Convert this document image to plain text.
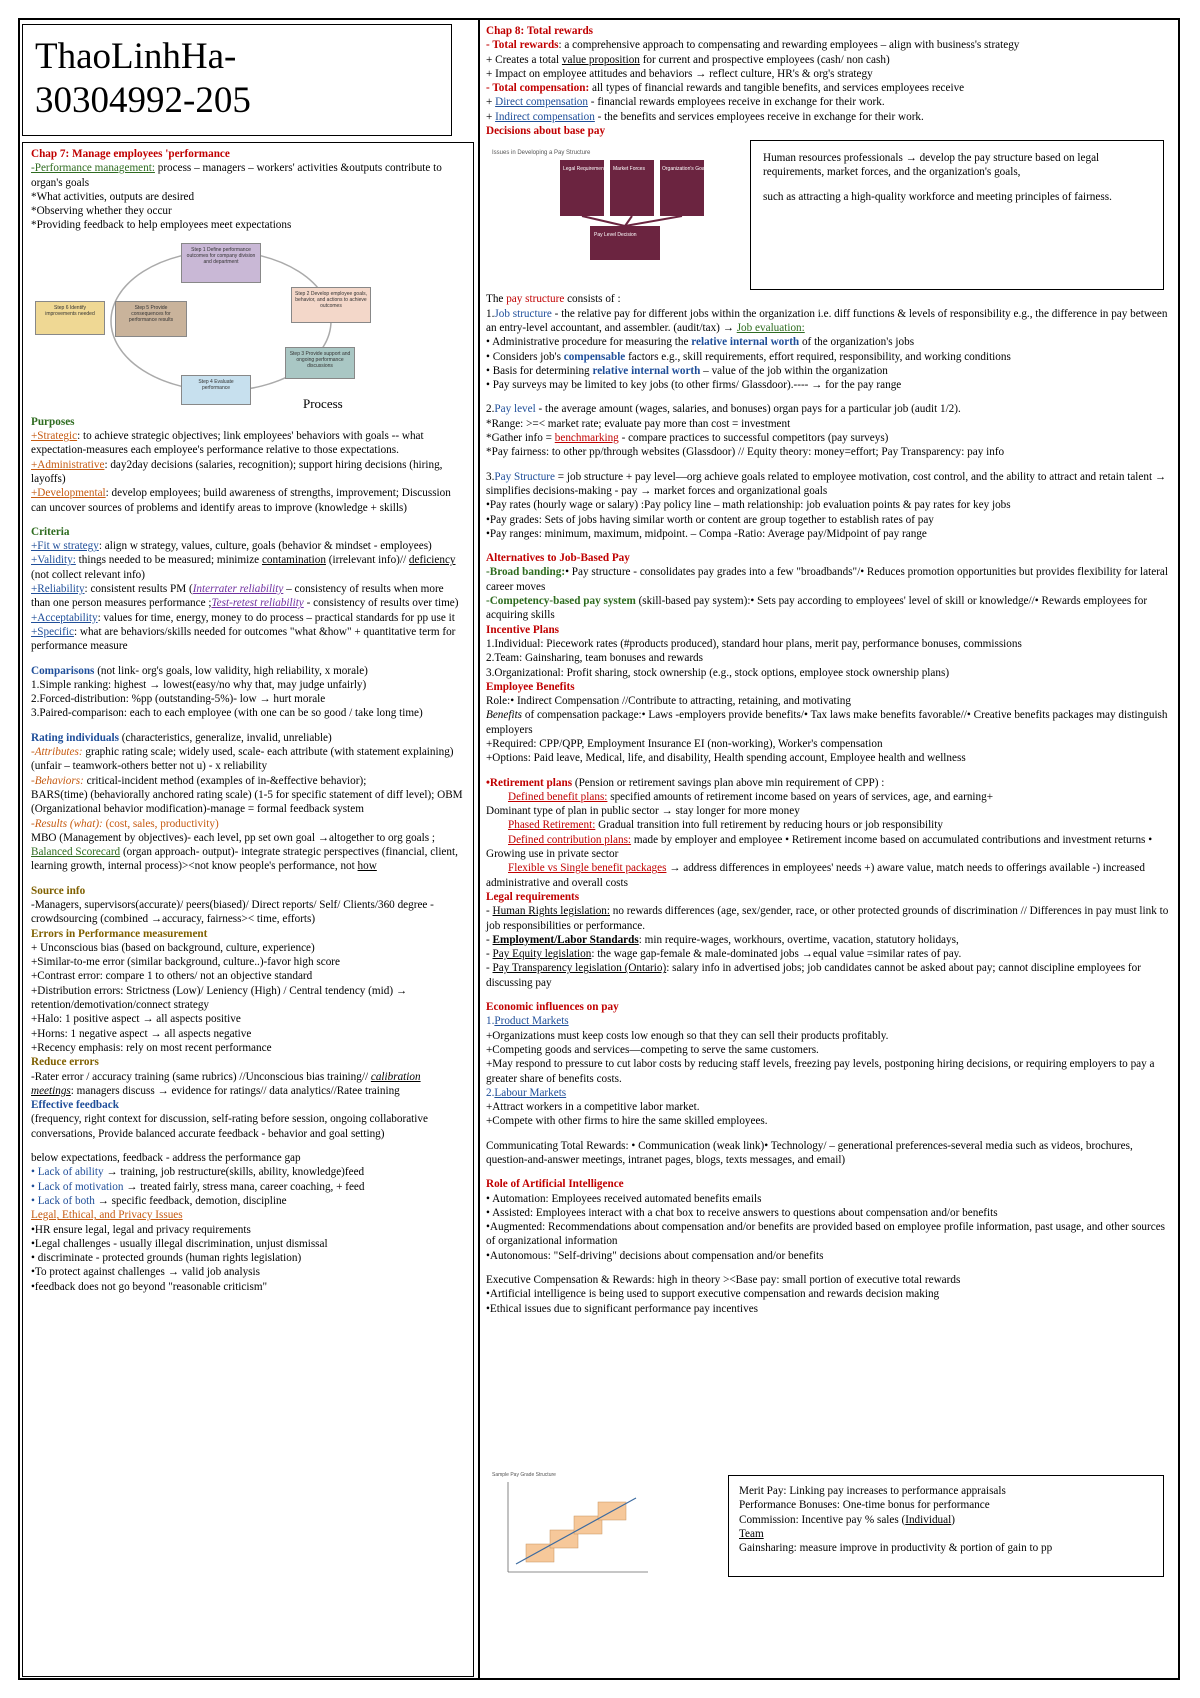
ThaoLinhHa-
30304992-205

Chap 7: Manage employees 'performance

-Performance management: process – managers – workers' activities &outputs contribute to organ's goals

*What activities, outputs are desired

*Observing whether they occur

*Providing feedback to help employees meet expectations

Step 1 Define performance outcomes for company division and department
Step 2 Develop employee goals, behavior, and actions to achieve outcomes
Step 3 Provide support and ongoing performance discussions
Step 4 Evaluate performance
Step 5 Provide consequences for performance results
Step 6 Identify improvements needed
Process

Purposes

+Strategic: to achieve strategic objectives; link employees' behaviors with goals -- what expectation-measures each employee's performance relative to those expectations.

+Administrative: day2day decisions (salaries, recognition); support hiring decisions (hiring, layoffs)

+Developmental: develop employees; build awareness of strengths, improvement; Discussion can uncover sources of problems and identify areas to improve (knowledge + skills)

Criteria

+Fit w strategy: align w strategy, values, culture, goals (behavior & mindset - employees)

+Validity: things needed to be measured; minimize contamination (irrelevant info)// deficiency (not collect relevant info)

+Reliability: consistent results PM (Interrater reliability – consistency of results when more than one person measures performance ;Test-retest reliability - consistency of results over time)

+Acceptability: values for time, energy, money to do process – practical standards for pp use it

+Specific: what are behaviors/skills needed for outcomes "what &how" + quantitative term for performance measure

Comparisons (not link- org's goals, low validity, high reliability, x morale)

1.Simple ranking: highest → lowest(easy/no why that, may judge unfairly)

2.Forced-distribution: %pp (outstanding-5%)- low → hurt morale

3.Paired-comparison: each to each employee (with one can be so good / take long time)

Rating individuals (characteristics, generalize, invalid, unreliable)

-Attributes: graphic rating scale; widely used, scale- each attribute (with statement explaining) (unfair – teamwork-others better not u) - x reliability

-Behaviors: critical-incident method (examples of in-&effective behavior);

BARS(time) (behaviorally anchored rating scale) (1-5 for specific statement of diff level); OBM (Organizational behavior modification)-manage = formal feedback system

-Results (what): (cost, sales, productivity)

MBO (Management by objectives)- each level, pp set own goal →altogether to org goals ; Balanced Scorecard (organ approach- output)- integrate strategic perspectives (financial, client, learning growth, internal process)><not know people's performance, not how

Source info

-Managers, supervisors(accurate)/ peers(biased)/ Direct reports/ Self/ Clients/360 degree - crowdsourcing (combined →accuracy, fairness>< time, efforts)

Errors in Performance measurement

+ Unconscious bias (based on background, culture, experience)

+Similar-to-me error (similar background, culture..)-favor high score

+Contrast error: compare 1 to others/ not an objective standard

+Distribution errors: Strictness (Low)/ Leniency (High) / Central tendency (mid) → retention/demotivation/connect strategy

+Halo: 1 positive aspect → all aspects positive

+Horns: 1 negative aspect → all aspects negative

+Recency emphasis: rely on most recent performance

Reduce errors

-Rater error / accuracy training (same rubrics) //Unconscious bias training// calibration meetings: managers discuss → evidence for ratings// data analytics//Ratee training

Effective feedback

(frequency, right context for discussion, self-rating before session, ongoing collaborative conversations, Provide balanced accurate feedback - behavior and goal setting)

below expectations, feedback - address the performance gap

• Lack of ability → training, job restructure(skills, ability, knowledge)feed

• Lack of motivation → treated fairly, stress mana, career coaching, + feed

• Lack of both → specific feedback, demotion, discipline

Legal, Ethical, and Privacy Issues

•HR ensure legal, legal and privacy requirements

•Legal challenges - usually illegal discrimination, unjust dismissal

• discriminate - protected grounds (human rights legislation)

•To protect against challenges → valid job analysis

•feedback does not go beyond "reasonable criticism"

Issues in Developing a Pay Structure
Legal Requirements Market Forces	Organization's Goals
Pay Level Decision

Human resources professionals → develop the pay structure based on legal requirements, market forces, and the organization's goals,

such as attracting a high-quality workforce and meeting principles of fairness.

Chap 8: Total rewards

- Total rewards: a comprehensive approach to compensating and rewarding employees – align with business's strategy

+ Creates a total value proposition for current and prospective employees (cash/ non cash)

+ Impact on employee attitudes and behaviors → reflect culture, HR's & org's strategy

- Total compensation: all types of financial rewards and tangible benefits, and services employees receive

+ Direct compensation - financial rewards employees receive in exchange for their work.

+ Indirect compensation - the benefits and services employees receive in exchange for their work.

Decisions about base pay

The pay structure consists of :

1.Job structure - the relative pay for different jobs within the organization i.e. diff functions & levels of responsibility e.g., the difference in pay between an entry-level accountant, and assembler. (audit/tax) → Job evaluation:

• Administrative procedure for measuring the relative internal worth of the organization's jobs

• Considers job's compensable factors e.g., skill requirements, effort required, responsibility, and working conditions

• Basis for determining relative internal worth – value of the job within the organization

• Pay surveys may be limited to key jobs (to other firms/ Glassdoor).---- → for the pay range

2.Pay level - the average amount (wages, salaries, and bonuses) organ pays for a particular job (audit 1/2).

*Range: >=< market rate; evaluate pay more than cost = investment

*Gather info = benchmarking - compare practices to successful competitors (pay surveys)

*Pay fairness: to other pp/through websites (Glassdoor) // Equity theory: money=effort; Pay Transparency: pay info

3.Pay Structure = job structure + pay level—org achieve goals related to employee motivation, cost control, and the ability to attract and retain talent → simplifies decisions-making - pay → market forces and organizational goals

•Pay rates (hourly wage or salary) :Pay policy line – math relationship: job evaluation points & pay rates for key jobs

•Pay grades: Sets of jobs having similar worth or content are group together to establish rates of pay

•Pay ranges: minimum, maximum, midpoint. – Compa -Ratio: Average pay/Midpoint of pay range

Alternatives to Job-Based Pay

-Broad banding:• Pay structure - consolidates pay grades into a few "broadbands"/• Reduces promotion opportunities but provides flexibility for lateral career moves

-Competency-based pay system (skill-based pay system):• Sets pay according to employees' level of skill or knowledge//• Rewards employees for acquiring skills

Incentive Plans

1.Individual: Piecework rates (#products produced), standard hour plans, merit pay, performance bonuses, commissions

2.Team: Gainsharing, team bonuses and rewards

3.Organizational: Profit sharing, stock ownership (e.g., stock options, employee stock ownership plans)

Employee Benefits

Role:• Indirect Compensation //Contribute to attracting, retaining, and motivating

Benefits of compensation package:• Laws -employers provide benefits/• Tax laws make benefits favorable//• Creative benefits packages may distinguish employers

+Required: CPP/QPP, Employment Insurance EI (non-working), Worker's compensation

+Options: Paid leave, Medical, life, and disability, Health spending account, Employee health and wellness

•Retirement plans (Pension or retirement savings plan above min requirement of CPP) :

Defined benefit plans: specified amounts of retirement income based on years of services, age, and earning+

Dominant type of plan in public sector → stay longer for more money

Phased Retirement: Gradual transition into full retirement by reducing hours or job responsibility

Defined contribution plans: made by employer and employee • Retirement income based on accumulated contributions and investment returns • Growing use in private sector

Flexible vs Single benefit packages → address differences in employees' needs +) aware value, match needs to offerings available -) increased administrative and overall costs

Legal requirements

- Human Rights legislation: no rewards differences (age, sex/gender, race, or other protected grounds of discrimination // Differences in pay must link to job responsibilities or performance.

- Employment/Labor Standards: min require-wages, workhours, overtime, vacation, statutory holidays,

- Pay Equity legislation: the wage gap-female & male-dominated jobs →equal value =similar rates of pay.

- Pay Transparency legislation (Ontario): salary info in advertised jobs; job candidates cannot be asked about pay; cannot discipline employees for discussing pay

Economic influences on pay

1.Product Markets

+Organizations must keep costs low enough so that they can sell their products profitably.

+Competing goods and services—competing to serve the same customers.

+May respond to pressure to cut labor costs by reducing staff levels, freezing pay levels, postponing hiring decisions, or requiring employers to pay a greater share of benefits costs.

2.Labour Markets

+Attract workers in a competitive labor market.

+Compete with other firms to hire the same skilled employees.

Communicating Total Rewards: • Communication (weak link)• Technology/ – generational preferences-several media such as videos, brochures, question-and-answer meetings, intranet pages, blogs, texts messages, and email)

Role of Artificial Intelligence

• Automation: Employees received automated benefits emails

• Assisted: Employees interact with a chat box to receive answers to questions about compensation and/or benefits

•Augmented: Recommendations about compensation and/or benefits are provided based on employee profile information, past usage, and other sources of organizational information

•Autonomous: "Self-driving" decisions about compensation and/or benefits

Executive Compensation & Rewards: high in theory ><Base pay: small portion of executive total rewards

•Artificial intelligence is being used to support executive compensation and rewards decision making

•Ethical issues due to significant performance pay incentives

Sample Pay Grade Structure

Merit Pay: Linking pay increases to performance appraisals

Performance Bonuses: One-time bonus for performance

Commission: Incentive pay % sales (Individual)

Team

Gainsharing: measure improve in productivity & portion of gain to pp
